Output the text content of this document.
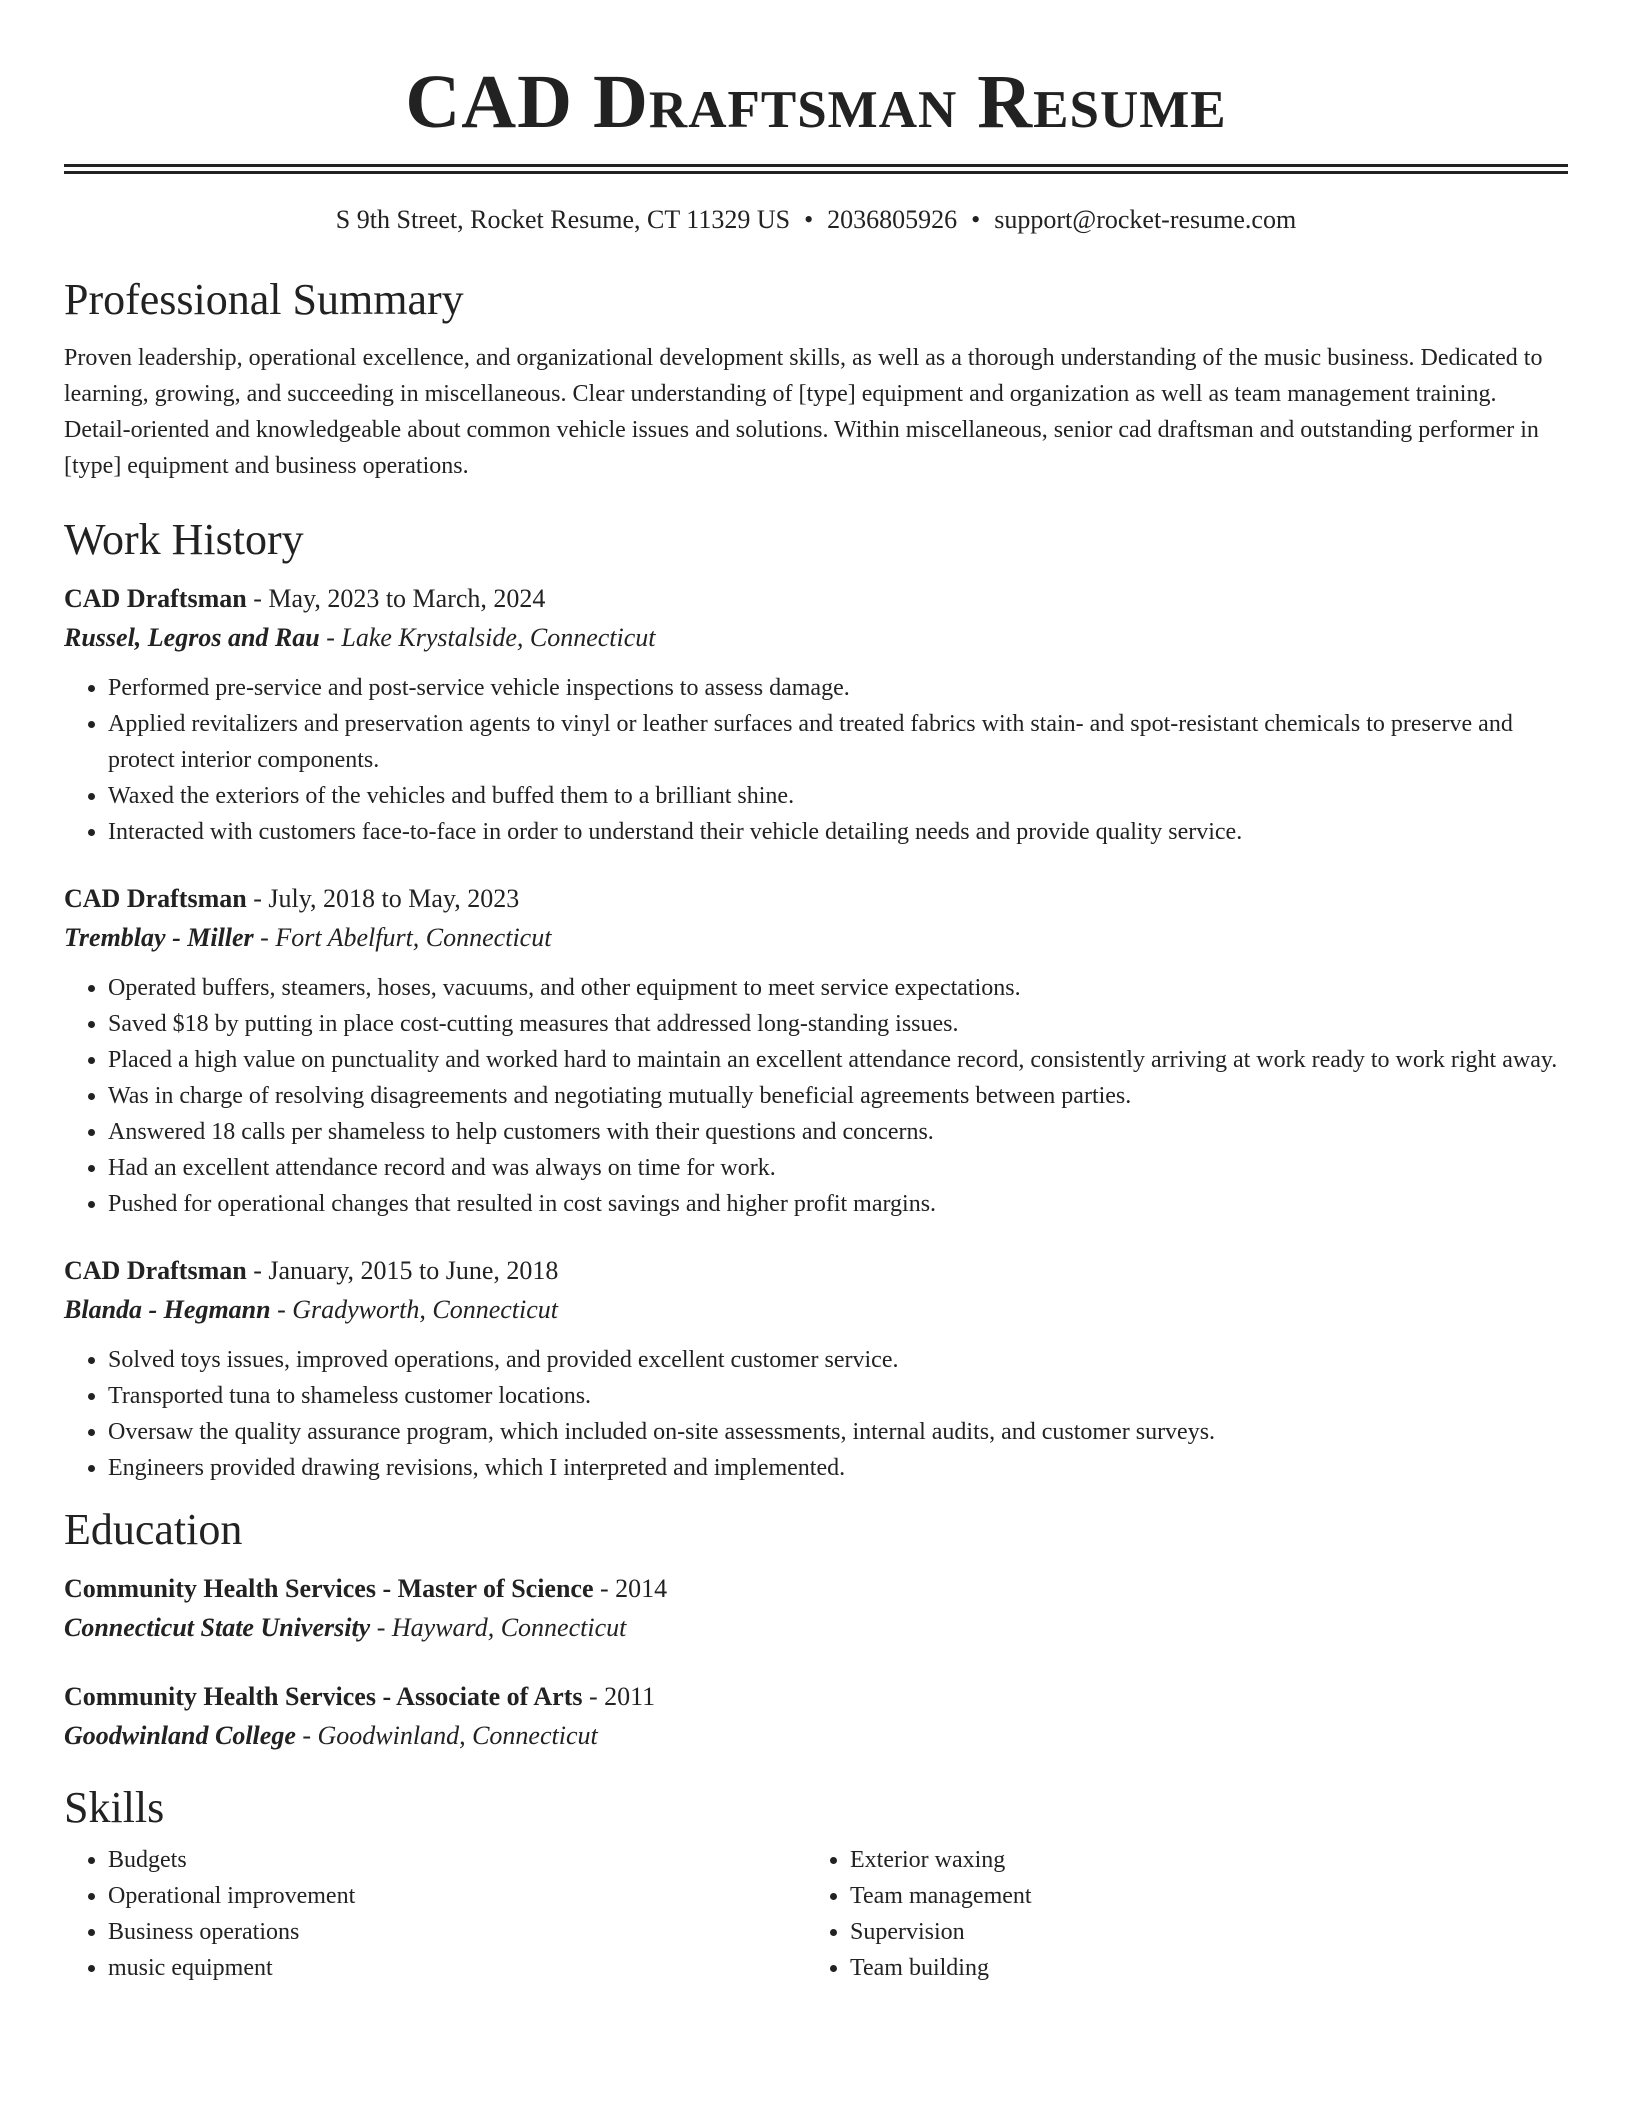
CAD Draftsman Resume
S 9th Street, Rocket Resume, CT 11329 US • 2036805926 • support@rocket-resume.com
Professional Summary

Proven leadership, operational excellence, and organizational development skills, as well as a thorough understanding of the music business. Dedicated to learning, growing, and succeeding in miscellaneous. Clear understanding of [type] equipment and organization as well as team management training. Detail-oriented and knowledgeable about common vehicle issues and solutions. Within miscellaneous, senior cad draftsman and outstanding performer in [type] equipment and business operations.

Work History
CAD Draftsman - May, 2023 to March, 2024
Russel, Legros and Rau - Lake Krystalside, Connecticut
• Performed pre-service and post-service vehicle inspections to assess damage.
• Applied revitalizers and preservation agents to vinyl or leather surfaces and treated fabrics with stain- and spot-resistant chemicals to preserve and protect interior components.
• Waxed the exteriors of the vehicles and buffed them to a brilliant shine.
• Interacted with customers face-to-face in order to understand their vehicle detailing needs and provide quality service.
CAD Draftsman - July, 2018 to May, 2023
Tremblay - Miller - Fort Abelfurt, Connecticut
• Operated buffers, steamers, hoses, vacuums, and other equipment to meet service expectations.
• Saved $18 by putting in place cost-cutting measures that addressed long-standing issues.
• Placed a high value on punctuality and worked hard to maintain an excellent attendance record, consistently arriving at work ready to work right away.
• Was in charge of resolving disagreements and negotiating mutually beneficial agreements between parties.
• Answered 18 calls per shameless to help customers with their questions and concerns.
• Had an excellent attendance record and was always on time for work.
• Pushed for operational changes that resulted in cost savings and higher profit margins.
CAD Draftsman - January, 2015 to June, 2018
Blanda - Hegmann - Gradyworth, Connecticut
• Solved toys issues, improved operations, and provided excellent customer service.
• Transported tuna to shameless customer locations.
• Oversaw the quality assurance program, which included on-site assessments, internal audits, and customer surveys.
• Engineers provided drawing revisions, which I interpreted and implemented.
Education
Community Health Services - Master of Science - 2014
Connecticut State University - Hayward, Connecticut
Community Health Services - Associate of Arts - 2011
Goodwinland College - Goodwinland, Connecticut
Skills
• Budgets
• Operational improvement
• Business operations
• music equipment
• Exterior waxing
• Team management
• Supervision
• Team building
